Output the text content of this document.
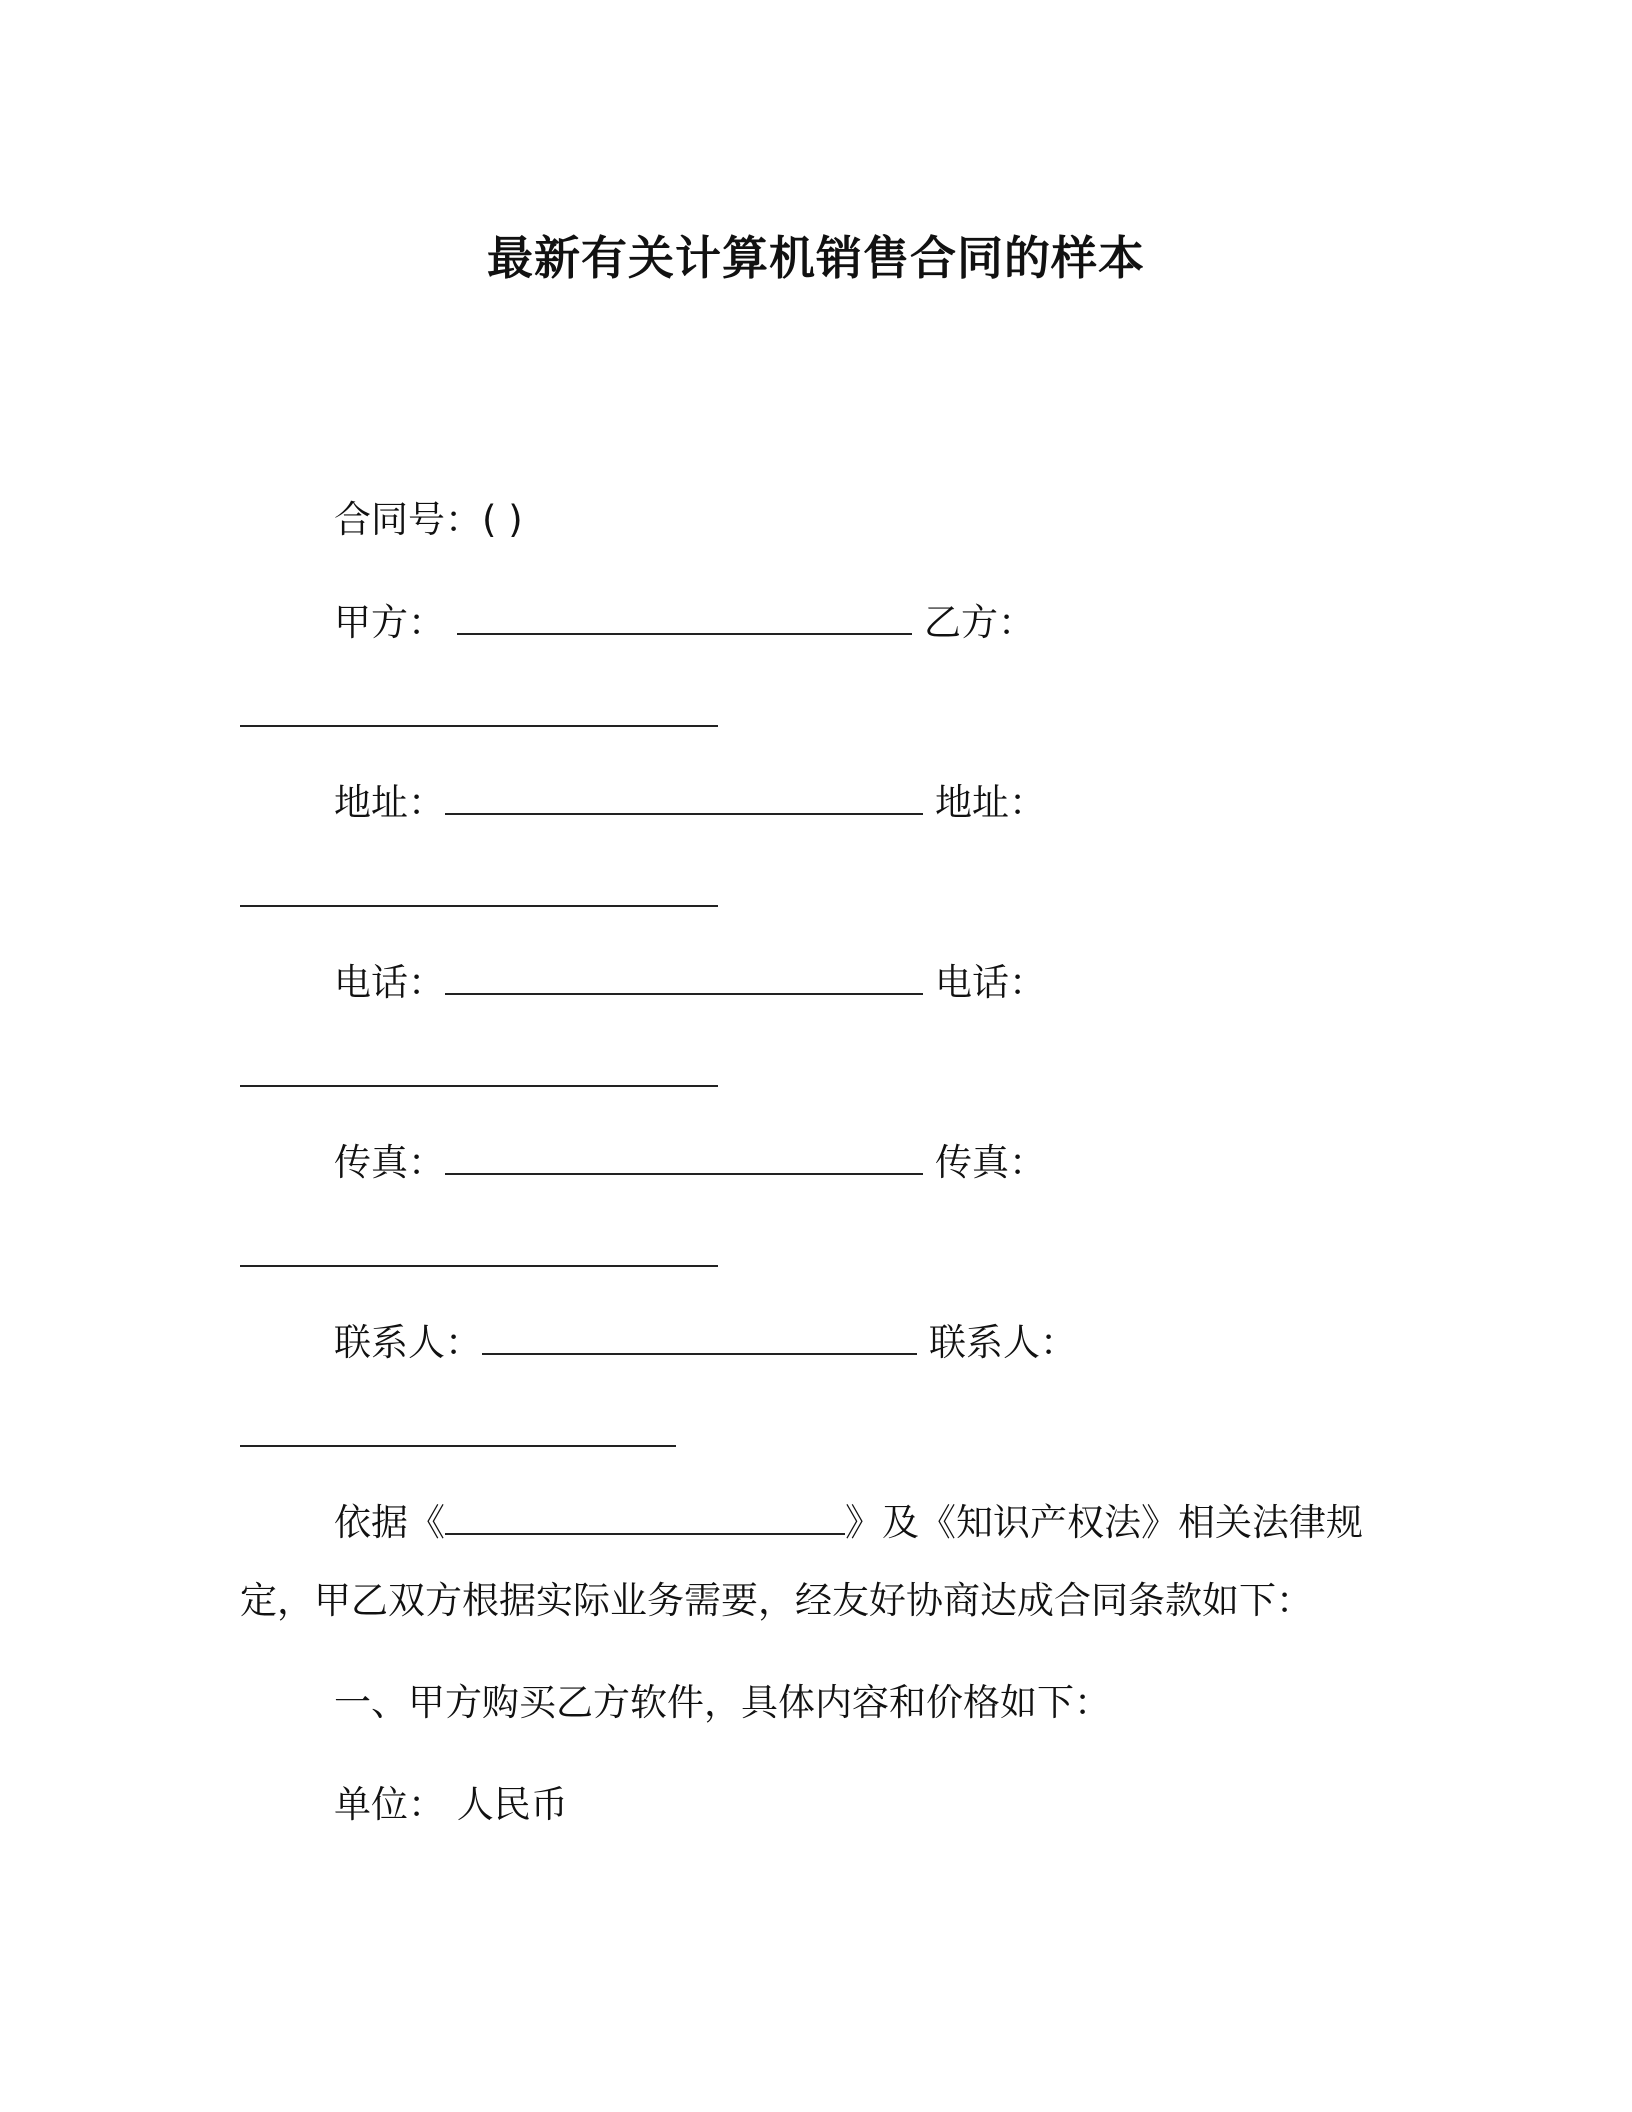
最新有关计算机销售合同的样本
合同号：( )
甲方：	乙方：
地址：	地址：
电话：	电话：
传真：	传真：
联系人：	联系人：
依据《	》及《知识产权法》相关法律规
定，甲乙双方根据实际业务需要，经友好协商达成合同条款如下：
一、甲方购买乙方软件，具体内容和价格如下：
单位： 人民币
